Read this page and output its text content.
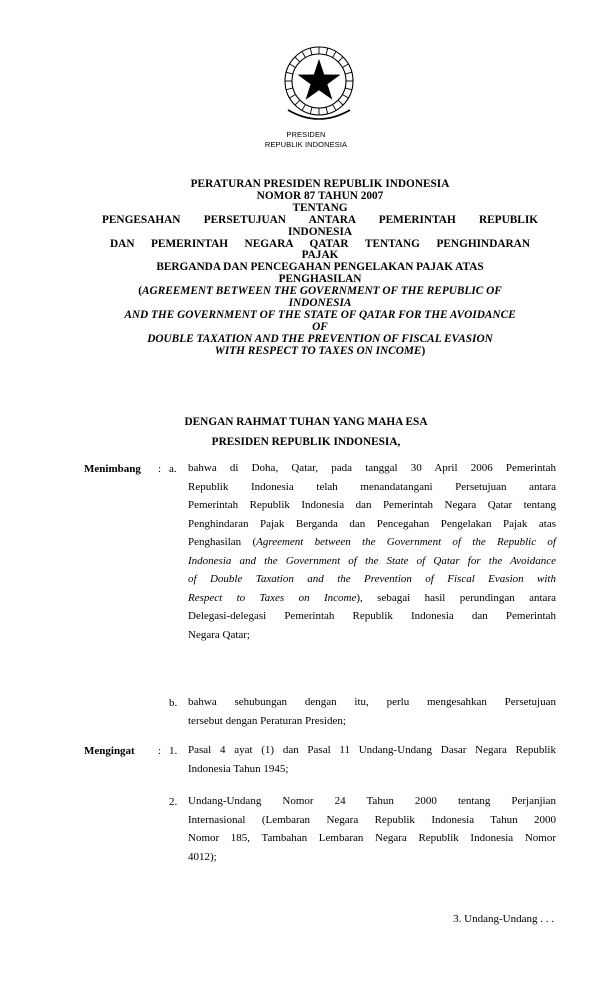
PRESIDEN
REPUBLIK INDONESIA
PERATURAN PRESIDEN REPUBLIK INDONESIA
NOMOR 87 TAHUN 2007
TENTANG
PENGESAHAN PERSETUJUAN ANTARA PEMERINTAH REPUBLIK
INDONESIA
DAN PEMERINTAH NEGARA QATAR TENTANG PENGHINDARAN
PAJAK
BERGANDA DAN PENCEGAHAN PENGELAKAN PAJAK ATAS
PENGHASILAN
(AGREEMENT BETWEEN THE GOVERNMENT OF THE REPUBLIC OF
INDONESIA
AND THE GOVERNMENT OF THE STATE OF QATAR FOR THE AVOIDANCE
OF
DOUBLE TAXATION AND THE PREVENTION OF FISCAL EVASION
WITH RESPECT TO TAXES ON INCOME)
DENGAN RAHMAT TUHAN YANG MAHA ESA
PRESIDEN REPUBLIK INDONESIA,
Menimbang : a. bahwa di Doha, Qatar, pada tanggal 30 April 2006 Pemerintah
Republik Indonesia telah menandatangani Persetujuan antara
Pemerintah Republik Indonesia dan Pemerintah Negara Qatar tentang
Penghindaran Pajak Berganda dan Pencegahan Pengelakan Pajak atas
Penghasilan (Agreement between the Government of the Republic of
Indonesia and the Government of the State of Qatar for the Avoidance
of Double Taxation and the Prevention of Fiscal Evasion with
Respect to Taxes on Income), sebagai hasil perundingan antara
Delegasi-delegasi Pemerintah Republik Indonesia dan Pemerintah
Negara Qatar;
b. bahwa sehubungan dengan itu, perlu mengesahkan Persetujuan
tersebut dengan Peraturan Presiden;
Mengingat : 1. Pasal 4 ayat (1) dan Pasal 11 Undang-Undang Dasar Negara Republik
Indonesia Tahun 1945;
2. Undang-Undang Nomor 24 Tahun 2000 tentang Perjanjian
Internasional (Lembaran Negara Republik Indonesia Tahun 2000
Nomor 185, Tambahan Lembaran Negara Republik Indonesia Nomor
4012);
3. Undang-Undang . . .
